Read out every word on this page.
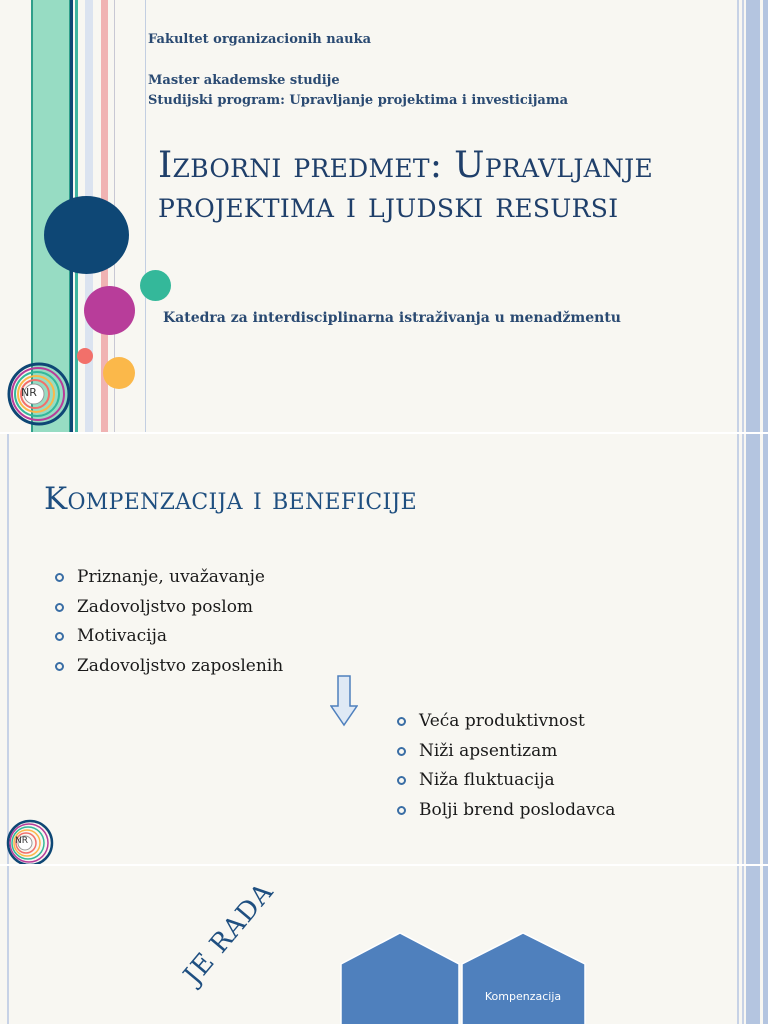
NR
Fakultet organizacionih nauka
Master akademske studije
Studijski program: Upravljanje projektima i investicijama
Izborni predmet: Upravljanje
projektima i ljudski resursi
Katedra za interdisciplinarna istraživanja u menadžmentu
Kompenzacija i beneficije
Priznanje, uvažavanje
Zadovoljstvo poslom
Motivacija
Zadovoljstvo zaposlenih
Veća produktivnost
Niži apsentizam
Niža fluktuacija
Bolji brend poslodavca
NR
JE RADA
Kompenzacija
